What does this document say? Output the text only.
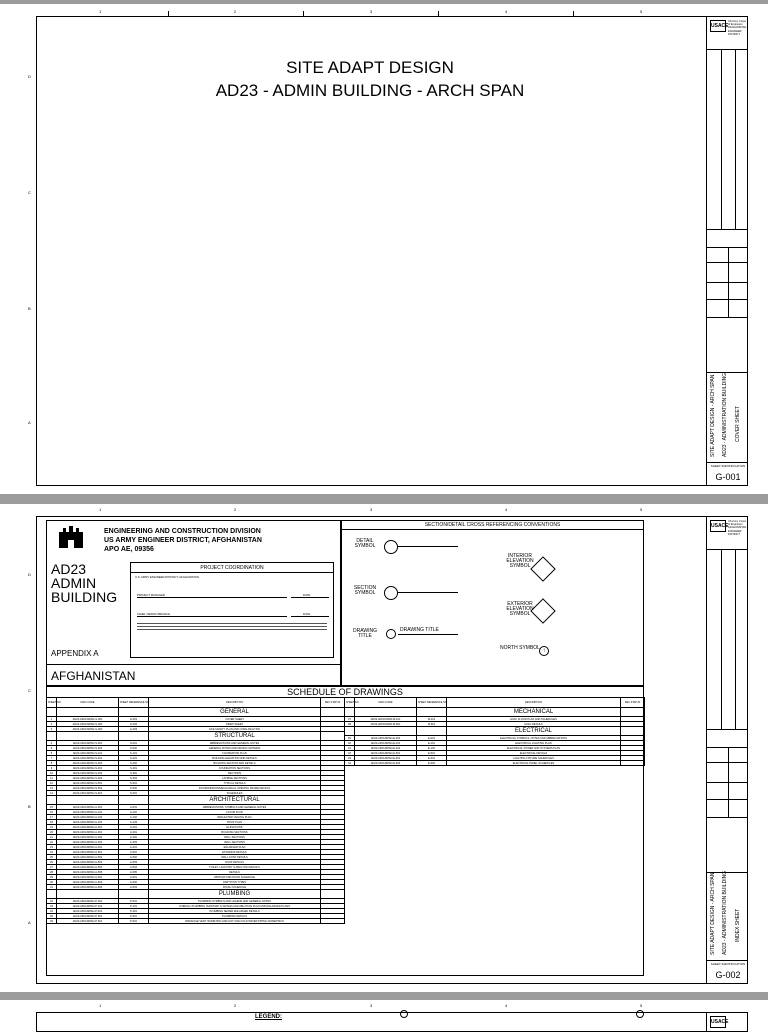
1	2	3	4	5
D
C
B
A
SITE ADAPT DESIGN
AD23 - ADMIN BUILDING - ARCH SPAN
USACE
US Army Corps of Engineers AFGHANISTAN ENGINEER DISTRICT
SITE ADAPT DESIGN - ARCH SPAN AD23 - ADMINISTRATION BUILDING COVER SHEET
SHEET IDENTIFICATION
G-001
1	2	3	4	5
D
C
B
A
ENGINEERING AND CONSTRUCTION DIVISION
US ARMY ENGINEER DISTRICT, AFGHANISTAN
APO AE, 09356
AD23
ADMIN
BUILDING
PROJECT COORDINATION
U.S. ARMY ENGINEER DISTRICT, AFGHANISTAN
PROJECT MANAGER	DATE
CHIEF, DESIGN BRANCH	DATE
APPENDIX A
AFGHANISTAN
SECTION/DETAIL CROSS REFERENCING CONVENTIONS
DETAIL SYMBOL
SECTION SYMBOL
DRAWING TITLE
DRAWING TITLE
INTERIOR ELEVATION SYMBOL
EXTERIOR ELEVATION SYMBOL
NORTH SYMBOL ↑
SCHEDULE OF DRAWINGS
SHEET NO.	DWG CODE	SHEET REFERENCE NO.	DESCRIPTION	REV STATUS
			GENERAL	
1	AD23-ARCHSPAN-G-001	G-001	COVER SHEET	
2	AD23-ARCHSPAN-G-002	G-002	INDEX SHEET	
3	AD23-ARCHSPAN-G-003	G-003	LIFE SAFETY PLAN AND CODE ANALYSIS	
			STRUCTURAL	
4	AD23-ARCHSPAN-S-001	S-001	ABBREVIATIONS AND GENERAL NOTES	
5	AD23-ARCHSPAN-S-002	S-002	GENERAL NOTES AND DESIGN CRITERIA	
6	AD23-ARCHSPAN-S-101	S-101	FOUNDATION PLAN	
7	AD23-ARCHSPAN-S-201	S-201	BUILDING ELEVATION AND DETAILS	
8	AD23-ARCHSPAN-S-202	S-202	BUILDING SECTION AND DETAILS	
9	AD23-ARCHSPAN-S-301	S-301	FOUNDATION SECTIONS	
10	AD23-ARCHSPAN-S-302	S-302	SECTIONS	
11	AD23-ARCHSPAN-S-303	S-303	LATRINE SECTIONS	
12	AD23-ARCHSPAN-S-501	S-501	TYPICAL DETAILS	
13	AD23-ARCHSPAN-S-502	S-502	DOOR/WINDOW/MECHANICAL OPENING FRAME DETAILS	
14	AD23-ARCHSPAN-S-601	S-601	SCHEDULES	
			ARCHITECTURAL	
15	AD23-ARCHSPAN-A-001	A-001	ABBREVIATIONS, SYMBOLS AND GENERAL NOTES	
16	AD23-ARCHSPAN-A-101	A-101	FLOOR PLAN	
17	AD23-ARCHSPAN-A-102	A-102	REFLECTED CEILING PLAN	
18	AD23-ARCHSPAN-A-103	A-103	ROOF PLAN	
19	AD23-ARCHSPAN-A-201	A-201	ELEVATIONS	
20	AD23-ARCHSPAN-A-301	A-301	BUILDING SECTIONS	
21	AD23-ARCHSPAN-A-302	A-302	WALL SECTIONS	
22	AD23-ARCHSPAN-A-303	A-303	WALL SECTIONS	
23	AD23-ARCHSPAN-A-401	A-401	ENLARGED PLAN	
24	AD23-ARCHSPAN-A-501	A-501	EXTERIOR DETAILS	
25	AD23-ARCHSPAN-A-502	A-502	WALL JOINT DETAILS	
26	AD23-ARCHSPAN-A-503	A-503	ROOF DETAILS	
27	AD23-ARCHSPAN-A-504	A-504	TOILET, LAVATORY & ABLUTION DETAILS	
28	AD23-ARCHSPAN-A-505	A-505	DETAILS	
29	AD23-ARCHSPAN-A-601	A-601	WINDOW AND DOOR SCHEDULE	
30	AD23-ARCHSPAN-A-602	A-602	PARTITION TYPES	
31	AD23-ARCHSPAN-A-603	A-603	FINISH SCHEDULE	
			PLUMBING	
32	AD23-ARCHSPAN-P-001	P-001	PLUMBING SYMBOLS AND LEGEND AND GENERAL NOTES	
33	AD23-ARCHSPAN-P-101	P-101	OVERALL PLUMBING (SANITARY & WATER) AND ABLUTION PLAN AND ENLARGED PLANS	
34	AD23-ARCHSPAN-P-401	P-401	PLUMBING SEWER ENLARGED DETAILS	
35	AD23-ARCHSPAN-P-501	P-501	PLUMBING DETAILS	
36	AD23-ARCHSPAN-P-601	P-601	DRAINAGE VENT ISOMETRIC AND HOT AND COLD WATER PIPING ISOMETRICS	
SHEET NO.	DWG CODE	SHEET REFERENCE NO.	DESCRIPTION	REV STATUS
			MECHANICAL	
37	AD23-ARCHSPAN-M-101	M-101	HVAC FLOOR PLAN AND SCHEDULES	
38	AD23-ARCHSPAN-M-501	M-501	HVAC DETAILS	
			ELECTRICAL	
39	AD23-ARCHSPAN-E-001	E-001	ELECTRICAL SYMBOLS, NOTES AND ABBREVIATIONS	
40	AD23-ARCHSPAN-E-101	E-101	ELECTRICAL LIGHTING PLAN	
41	AD23-ARCHSPAN-E-102	E-102	ELECTRICAL POWER AND SYSTEMS PLAN	
42	AD23-ARCHSPAN-E-501	E-501	ELECTRICAL DETAILS	
43	AD23-ARCHSPAN-E-601	E-601	LIGHTING FIXTURE SCHEDULES	
44	AD23-ARCHSPAN-E-602	E-602	ELECTRICAL PANEL SCHEDULES	
USACE
US Army Corps of Engineers AFGHANISTAN ENGINEER DISTRICT
SITE ADAPT DESIGN - ARCH SPAN AD23 - ADMINISTRATION BUILDING INDEX SHEET
SHEET IDENTIFICATION
G-002
1	2	3	4	5
LEGEND:
USACE
